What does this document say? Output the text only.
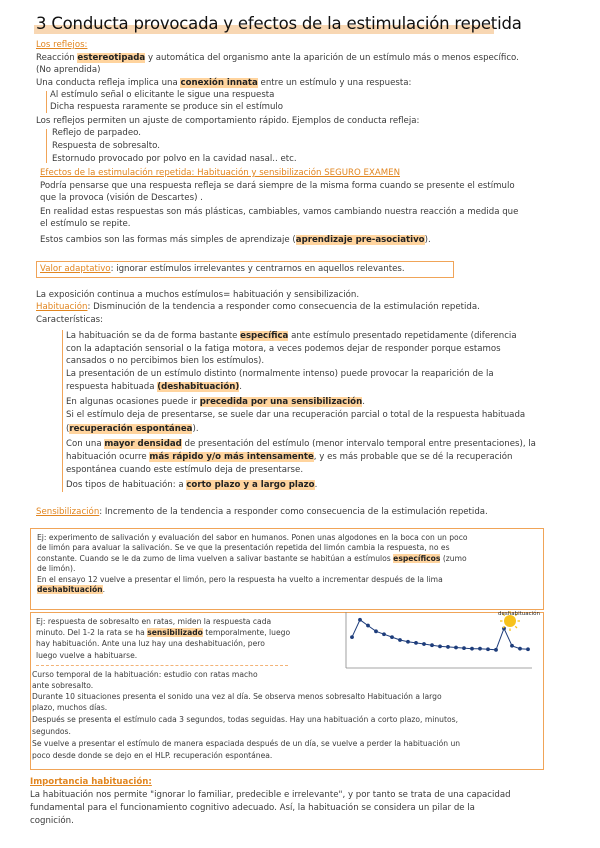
3 Conducta provocada y efectos de la estimulación repetida
Los reflejos:
Reacción estereotipada y automática del organismo ante la aparición de un estímulo más o menos específico.
(No aprendida)
Una conducta refleja implica una conexión innata entre un estímulo y una respuesta:
Al estímulo señal o elicitante le sigue una respuesta
Dicha respuesta raramente se produce sin el estímulo
Los reflejos permiten un ajuste de comportamiento rápido. Ejemplos de conducta refleja:
Reflejo de parpadeo.
Respuesta de sobresalto.
Estornudo provocado por polvo en la cavidad nasal.. etc.
Efectos de la estimulación repetida: Habituación y sensibilización SEGURO EXAMEN
Podría pensarse que una respuesta refleja se dará siempre de la misma forma cuando se presente el estímulo
que la provoca (visión de Descartes) .
En realidad estas respuestas son más plásticas, cambiables, vamos cambiando nuestra reacción a medida que
el estímulo se repite.
Estos cambios son las formas más simples de aprendizaje (aprendizaje pre-asociativo).
Valor adaptativo: ignorar estímulos irrelevantes y centrarnos en aquellos relevantes.
La exposición continua a muchos estímulos= habituación y sensibilización.
Habituación: Disminución de la tendencia a responder como consecuencia de la estimulación repetida.
Características:
La habituación se da de forma bastante específica ante estímulo presentado repetidamente (diferencia
con la adaptación sensorial o la fatiga motora, a veces podemos dejar de responder porque estamos
cansados o no percibimos bien los estímulos).
La presentación de un estímulo distinto (normalmente intenso) puede provocar la reaparición de la
respuesta habituada (deshabituación).
En algunas ocasiones puede ir precedida por una sensibilización.
Si el estímulo deja de presentarse, se suele dar una recuperación parcial o total de la respuesta habituada
(recuperación espontánea).
Con una mayor densidad de presentación del estímulo (menor intervalo temporal entre presentaciones), la
habituación ocurre más rápido y/o más intensamente, y es más probable que se dé la recuperación
espontánea cuando este estímulo deja de presentarse.
Dos tipos de habituación: a corto plazo y a largo plazo.
Sensibilización: Incremento de la tendencia a responder como consecuencia de la estimulación repetida.
Ej: experimento de salivación y evaluación del sabor en humanos. Ponen unas algodones en la boca con un poco
de limón para avaluar la salivación. Se ve que la presentación repetida del limón cambia la respuesta, no es
constante. Cuando se le da zumo de lima vuelven a salivar bastante se habitúan a estímulos específicos (zumo
de limón).
En el ensayo 12 vuelve a presentar el limón, pero la respuesta ha vuelto a incrementar después de la lima
deshabituación.
Ej: respuesta de sobresalto en ratas, miden la respuesta cada
minuto. Del 1-2 la rata se ha sensibilizado temporalmente, luego
hay habituación. Ante una luz hay una deshabituación, pero
luego vuelve a habituarse.
Curso temporal de la habituación: estudio con ratas macho
ante sobresalto.
Durante 10 situaciones presenta el sonido una vez al día. Se observa menos sobresalto Habituación a largo
plazo, muchos días.
Después se presenta el estímulo cada 3 segundos, todas seguidas. Hay una habituación a corto plazo, minutos,
segundos.
Se vuelve a presentar el estímulo de manera espaciada después de un día, se vuelve a perder la habituación un
poco desde donde se dejo en el HLP. recuperación espontánea.
deshabituación
Importancia habituación:
La habituación nos permite "ignorar lo familiar, predecible e irrelevante", y por tanto se trata de una capacidad
fundamental para el funcionamiento cognitivo adecuado. Así, la habituación se considera un pilar de la
cognición.
